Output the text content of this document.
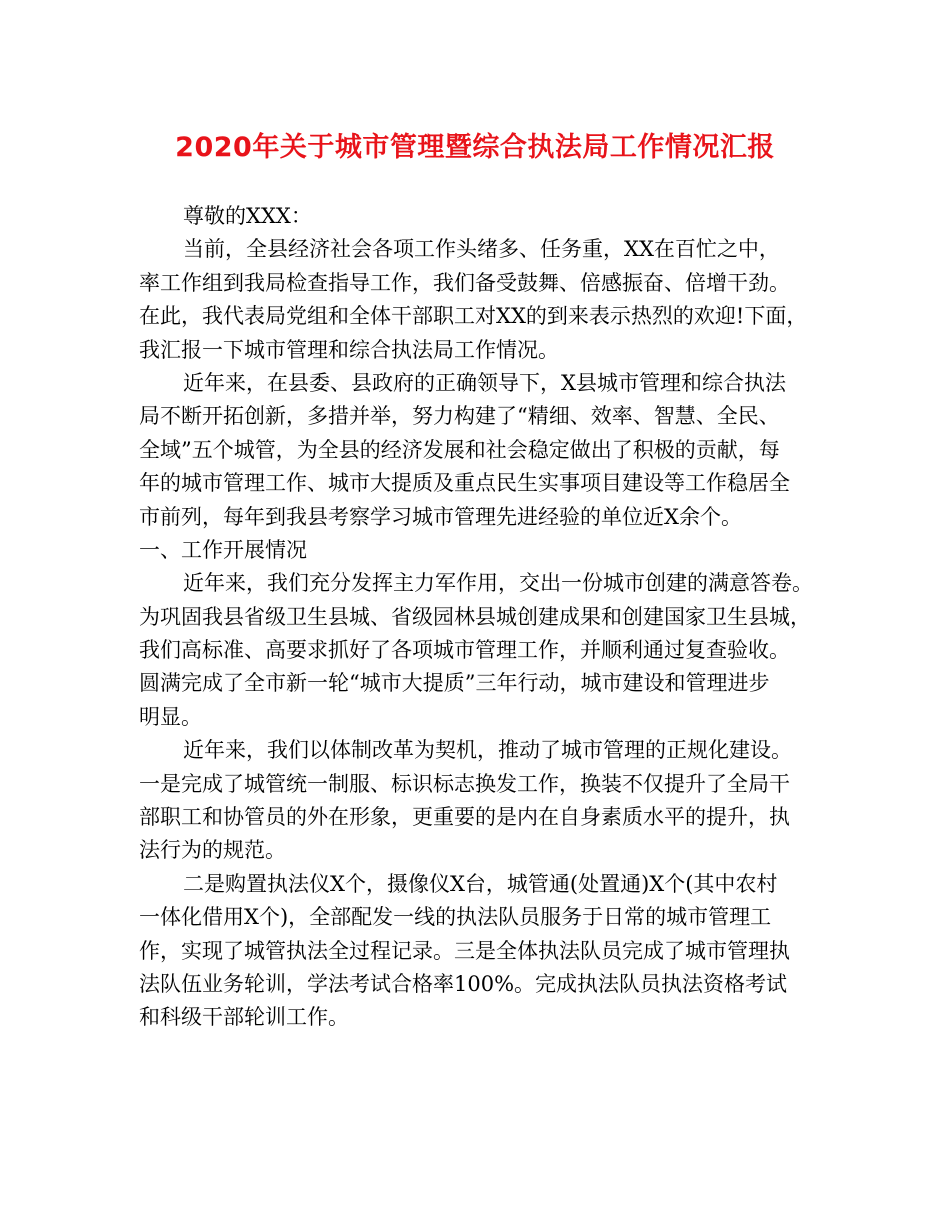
2020年关于城市管理暨综合执法局工作情况汇报
尊敬的XXX：
当前，全县经济社会各项工作头绪多、任务重，XX在百忙之中，
率工作组到我局检查指导工作，我们备受鼓舞、倍感振奋、倍增干劲。
在此，我代表局党组和全体干部职工对XX的到来表示热烈的欢迎!下面，
我汇报一下城市管理和综合执法局工作情况。
近年来，在县委、县政府的正确领导下，X县城市管理和综合执法
局不断开拓创新，多措并举，努力构建了“精细、效率、智慧、全民、
全域”五个城管，为全县的经济发展和社会稳定做出了积极的贡献，每
年的城市管理工作、城市大提质及重点民生实事项目建设等工作稳居全
市前列，每年到我县考察学习城市管理先进经验的单位近X余个。
一、工作开展情况
近年来，我们充分发挥主力军作用，交出一份城市创建的满意答卷。
为巩固我县省级卫生县城、省级园林县城创建成果和创建国家卫生县城，
我们高标准、高要求抓好了各项城市管理工作，并顺利通过复查验收。
圆满完成了全市新一轮“城市大提质”三年行动，城市建设和管理进步
明显。
近年来，我们以体制改革为契机，推动了城市管理的正规化建设。
一是完成了城管统一制服、标识标志换发工作，换装不仅提升了全局干
部职工和协管员的外在形象，更重要的是内在自身素质水平的提升，执
法行为的规范。
二是购置执法仪X个，摄像仪X台，城管通(处置通)X个(其中农村
一体化借用X个)，全部配发一线的执法队员服务于日常的城市管理工
作，实现了城管执法全过程记录。三是全体执法队员完成了城市管理执
法队伍业务轮训，学法考试合格率100%。完成执法队员执法资格考试
和科级干部轮训工作。
